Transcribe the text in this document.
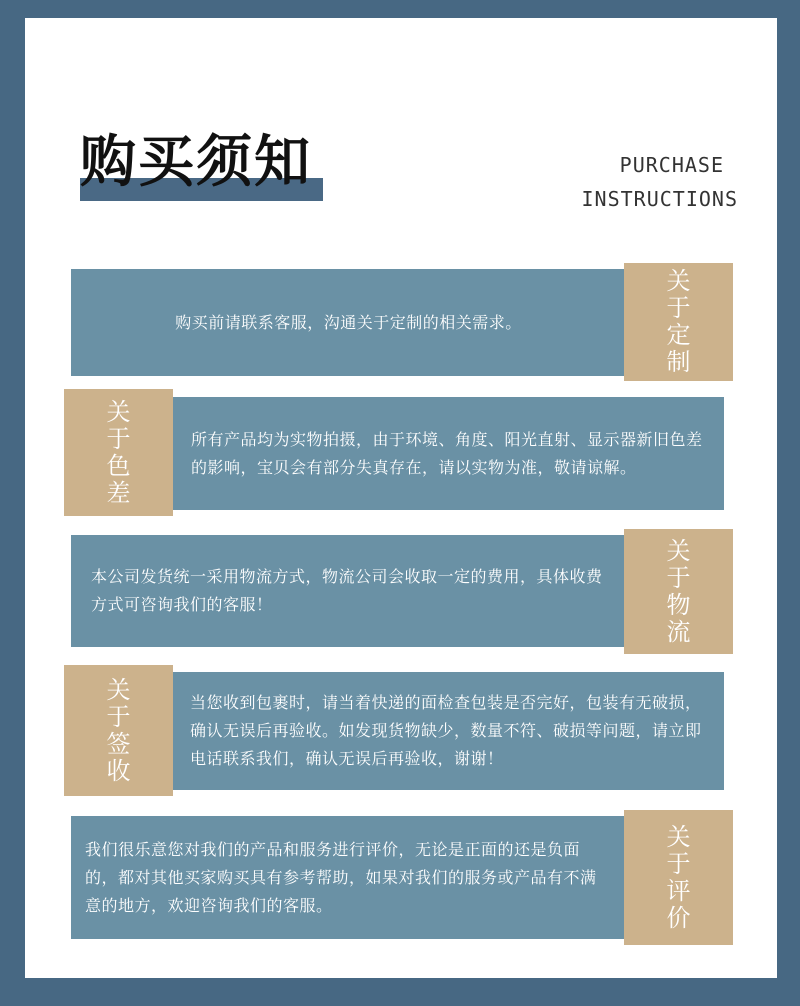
购买须知	PURCHASE
INSTRUCTIONS
购买前请联系客服，沟通关于定制的相关需求。
关于定制
所有产品均为实物拍摄，由于环境、角度、阳光直射、显示器新旧色差的影响，宝贝会有部分失真存在，请以实物为准，敬请谅解。
关于色差
本公司发货统一采用物流方式，物流公司会收取一定的费用，具体收费方式可咨询我们的客服！
关于物流
当您收到包裹时，请当着快递的面检查包装是否完好，包装有无破损，确认无误后再验收。如发现货物缺少，数量不符、破损等问题，请立即电话联系我们，确认无误后再验收，谢谢！
关于签收
我们很乐意您对我们的产品和服务进行评价，无论是正面的还是负面的，都对其他买家购买具有参考帮助，如果对我们的服务或产品有不满意的地方，欢迎咨询我们的客服。
关于评价
